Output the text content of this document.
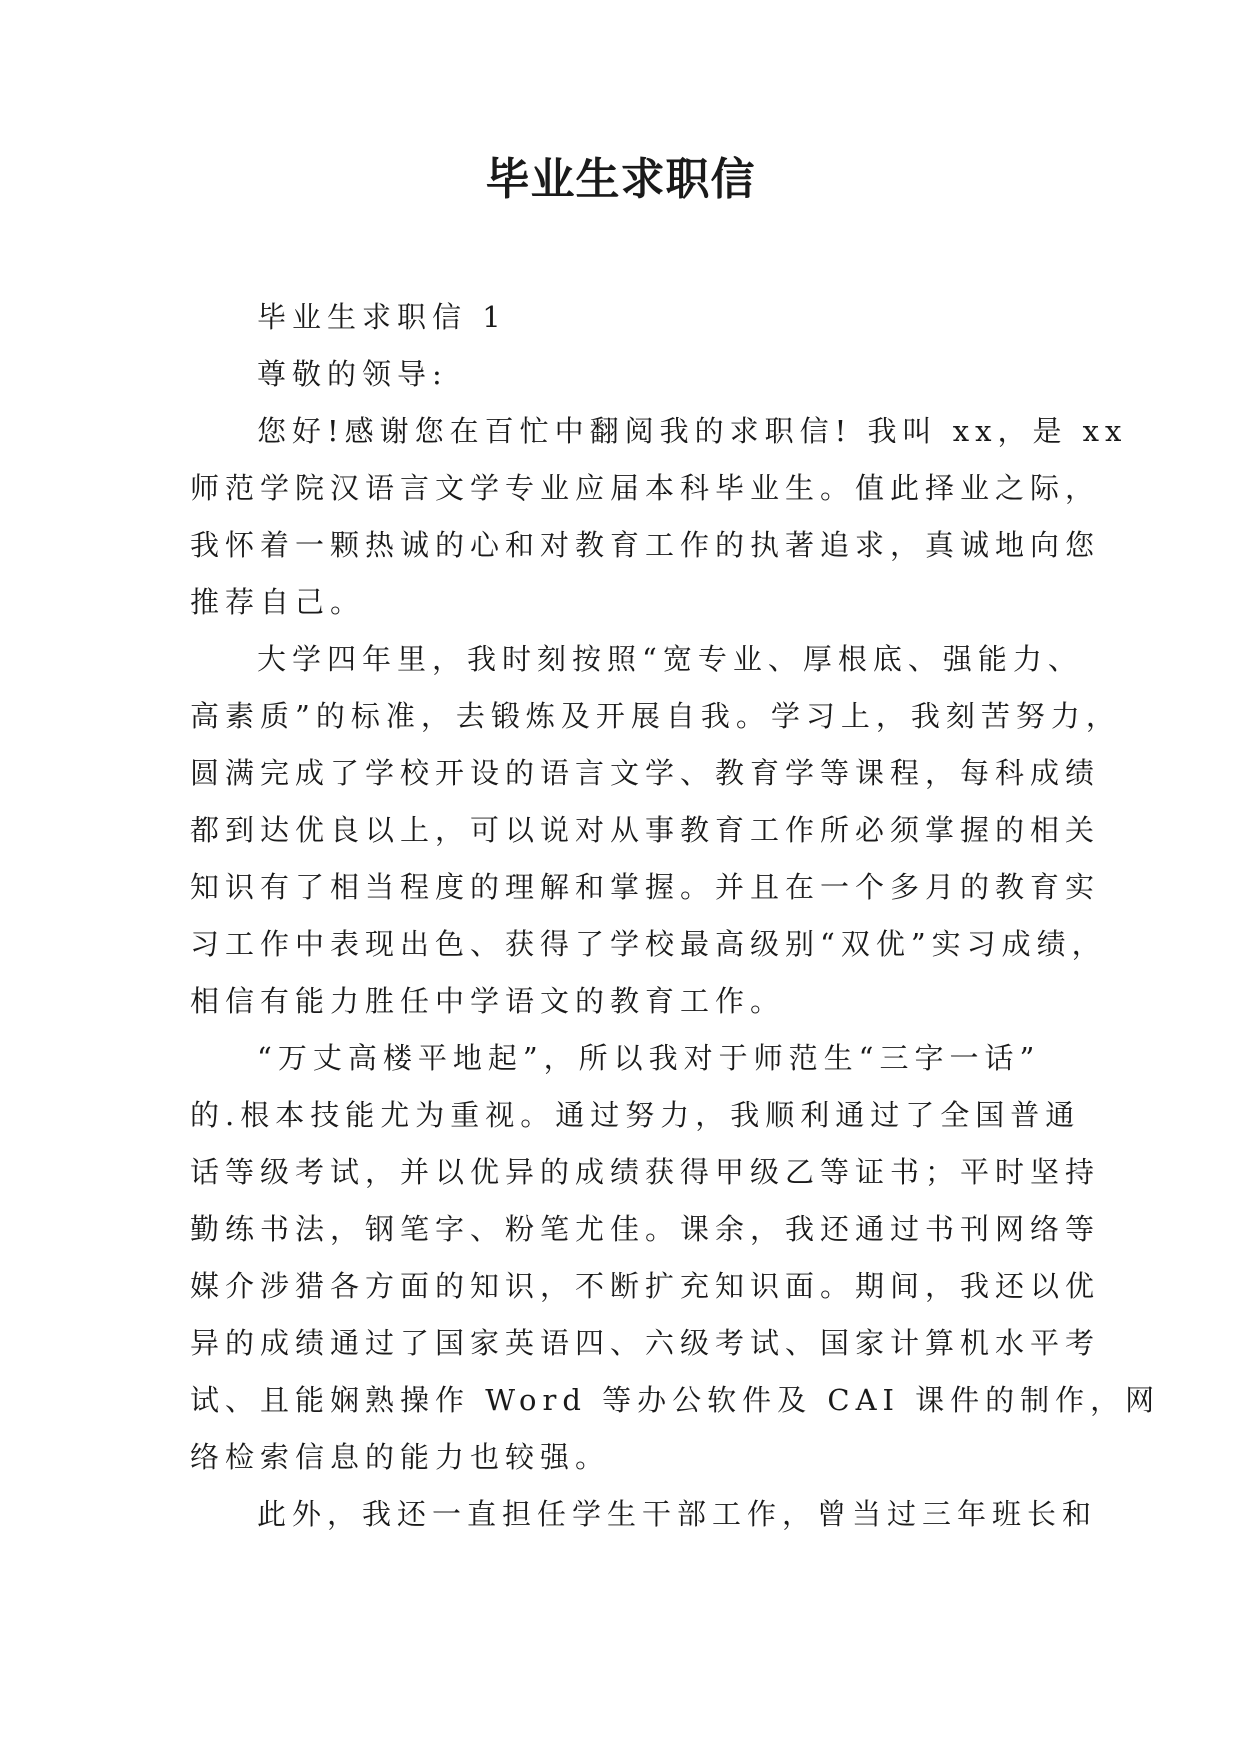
毕业生求职信
毕业生求职信 1
尊敬的领导:
您好!感谢您在百忙中翻阅我的求职信! 我叫 xx，是 xx
师范学院汉语言文学专业应届本科毕业生。值此择业之际，
我怀着一颗热诚的心和对教育工作的执著追求，真诚地向您
推荐自己。
大学四年里，我时刻按照“宽专业、厚根底、强能力、
高素质”的标准，去锻炼及开展自我。学习上，我刻苦努力，
圆满完成了学校开设的语言文学、教育学等课程，每科成绩
都到达优良以上，可以说对从事教育工作所必须掌握的相关
知识有了相当程度的理解和掌握。并且在一个多月的教育实
习工作中表现出色、获得了学校最高级别“双优”实习成绩，
相信有能力胜任中学语文的教育工作。
“万丈高楼平地起”，所以我对于师范生“三字一话”
的.根本技能尤为重视。通过努力，我顺利通过了全国普通
话等级考试，并以优异的成绩获得甲级乙等证书；平时坚持
勤练书法，钢笔字、粉笔尤佳。课余，我还通过书刊网络等
媒介涉猎各方面的知识，不断扩充知识面。期间，我还以优
异的成绩通过了国家英语四、六级考试、国家计算机水平考
试、且能娴熟操作 Word 等办公软件及 CAI 课件的制作，网
络检索信息的能力也较强。
此外，我还一直担任学生干部工作，曾当过三年班长和
